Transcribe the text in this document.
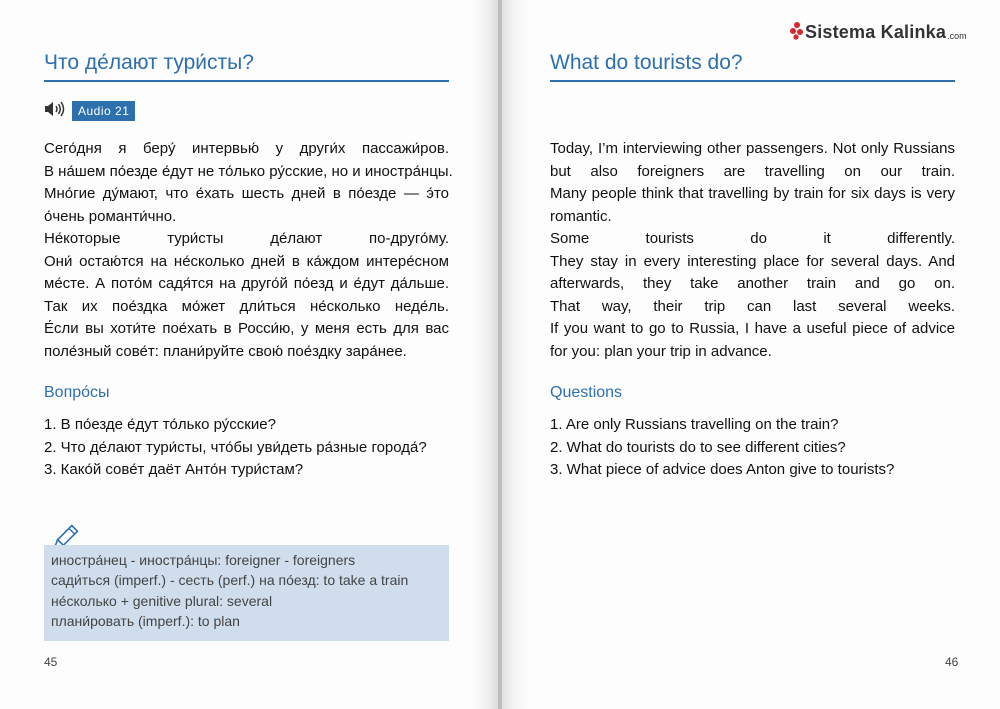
Что де́лают тури́сты?
Audio 21
Сего́дня я беру́ интервью́ у други́х пассажи́ров.
В на́шем по́езде е́дут не то́лько ру́сские, но и иностра́нцы.
Мно́гие ду́мают, что е́хать шесть дней в по́езде — э́то
о́чень романти́чно.
Не́которые тури́сты де́лают по-друго́му.
Они́ остаю́тся на не́сколько дней в ка́ждом интере́сном
ме́сте. А пото́м садя́тся на друго́й по́езд и е́дут да́льше.
Так их пое́здка мо́жет дли́ться не́сколько неде́ль.
Е́сли вы хоти́те пое́хать в Росси́ю, у меня есть для вас
поле́зный сове́т: плани́руйте свою́ пое́здку зара́нее.
Вопро́сы
1. В по́езде е́дут то́лько ру́сские?
2. Что де́лают тури́сты, что́бы уви́деть ра́зные города́?
3. Како́й сове́т даёт Анто́н тури́стам?
иностра́нец - иностра́нцы: foreigner - foreigners
сади́ться (imperf.) - сесть (perf.) на по́езд: to take a train
не́сколько + genitive plural: several
плани́ровать (imperf.): to plan
45
What do tourists do?
Today, I’m interviewing other passengers. Not only Russians
but also foreigners are travelling on our train.
Many people think that travelling by train for six days is very
romantic.
Some tourists do it differently.
They stay in every interesting place for several days. And
afterwards, they take another train and go on.
That way, their trip can last several weeks.
If you want to go to Russia, I have a useful piece of advice
for you: plan your trip in advance.
Questions
1. Are only Russians travelling on the train?
2. What do tourists do to see different cities?
3. What piece of advice does Anton give to tourists?
46
Sistema Kalinka .com
